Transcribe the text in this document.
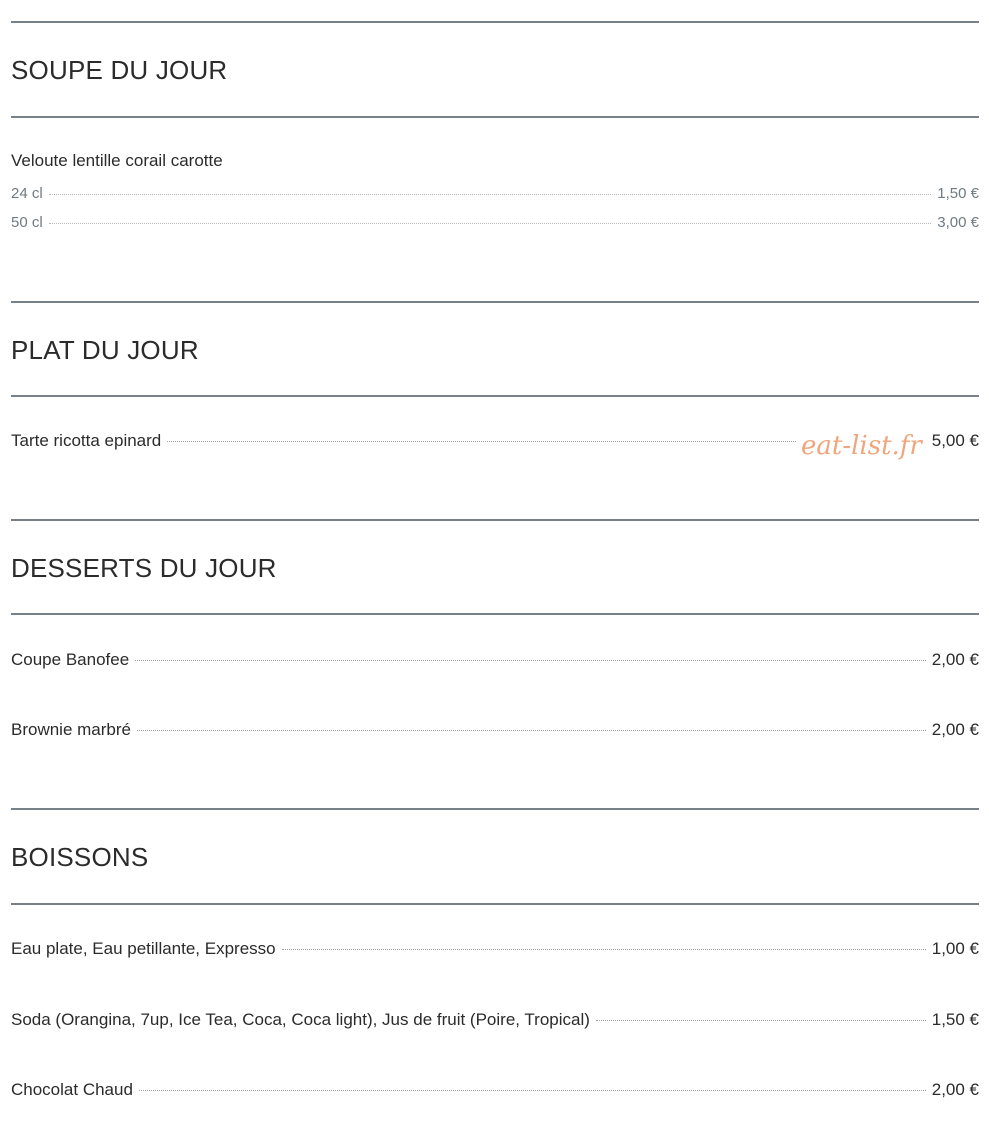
SOUPE DU JOUR
Veloute lentille corail carotte
24 cl	1,50 €
50 cl	3,00 €
PLAT DU JOUR
Tarte ricotta epinard	5,00 €
eat-list.fr
DESSERTS DU JOUR
Coupe Banofee	2,00 €
Brownie marbré	2,00 €
BOISSONS
Eau plate, Eau petillante, Expresso	1,00 €
Soda (Orangina, 7up, Ice Tea, Coca, Coca light), Jus de fruit (Poire, Tropical)	1,50 €
Chocolat Chaud	2,00 €
